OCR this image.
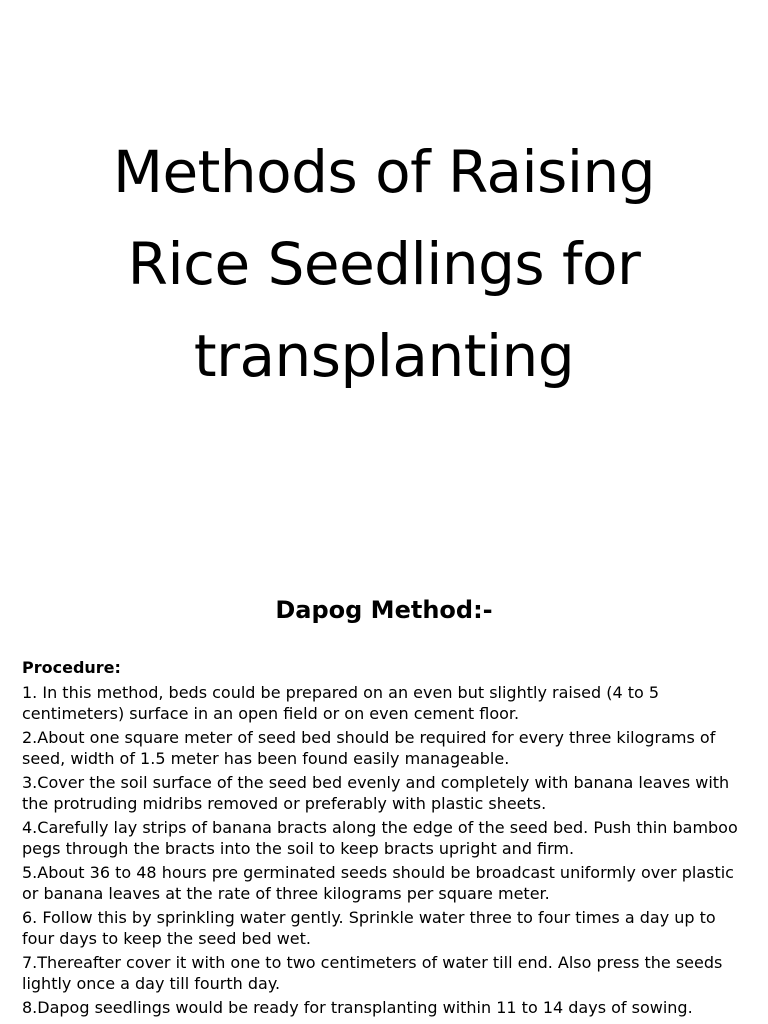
Methods of Raising
Rice Seedlings for
transplanting
Dapog Method:-
Procedure:
1. In this method, beds could be prepared on an even but slightly raised (4 to 5 centimeters) surface in an open field or on even cement floor.
2.About one square meter of seed bed should be required for every three kilograms of seed, width of 1.5 meter has been found easily manageable.
3.Cover the soil surface of the seed bed evenly and completely with banana leaves with the protruding midribs removed or preferably with plastic sheets.
4.Carefully lay strips of banana bracts along the edge of the seed bed. Push thin bamboo pegs through the bracts into the soil to keep bracts upright and firm.
5.About 36 to 48 hours pre germinated seeds should be broadcast uniformly over plastic or banana leaves at the rate of three kilograms per square meter.
6. Follow this by sprinkling water gently. Sprinkle water three to four times a day up to four days to keep the seed bed wet.
7.Thereafter cover it with one to two centimeters of water till end. Also press the seeds lightly once a day till fourth day.
8.Dapog seedlings would be ready for transplanting within 11 to 14 days of sowing.
